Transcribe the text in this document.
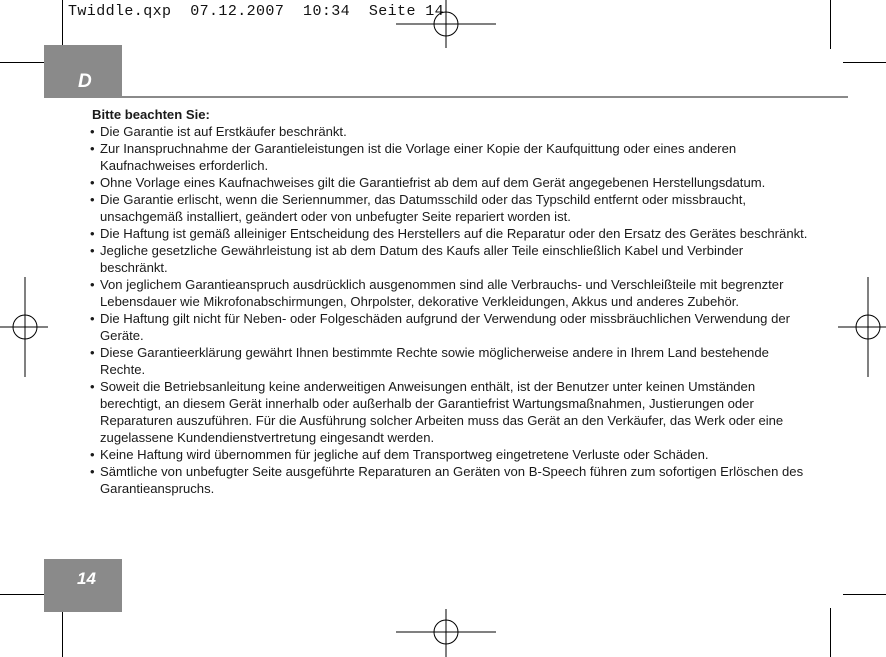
Twiddle.qxp  07.12.2007  10:34  Seite 14
D

Bitte beachten Sie:

• Die Garantie ist auf Erstkäufer beschränkt.
• Zur Inanspruchnahme der Garantieleistungen ist die Vorlage einer Kopie der Kaufquittung oder eines anderen Kaufnachweises erforderlich.
• Ohne Vorlage eines Kaufnachweises gilt die Garantiefrist ab dem auf dem Gerät angegebenen Herstellungsdatum.
• Die Garantie erlischt, wenn die Seriennummer, das Datumsschild oder das Typschild entfernt oder missbraucht, unsachgemäß installiert, geändert oder von unbefugter Seite repariert worden ist.
• Die Haftung ist gemäß alleiniger Entscheidung des Herstellers auf die Reparatur oder den Ersatz des Gerätes beschränkt.
• Jegliche gesetzliche Gewährleistung ist ab dem Datum des Kaufs aller Teile einschließlich Kabel und Verbinder beschränkt.
• Von jeglichem Garantieanspruch ausdrücklich ausgenommen sind alle Verbrauchs- und Verschleißteile mit begrenzter Lebensdauer wie Mikrofonabschirmungen, Ohrpolster, dekorative Verkleidungen, Akkus und anderes Zubehör.
• Die Haftung gilt nicht für Neben- oder Folgeschäden aufgrund der Verwendung oder missbräuchlichen Verwendung der Geräte.
• Diese Garantieerklärung gewährt Ihnen bestimmte Rechte sowie möglicherweise andere in Ihrem Land bestehende Rechte.
• Soweit die Betriebsanleitung keine anderweitigen Anweisungen enthält, ist der Benutzer unter keinen Umständen berechtigt, an diesem Gerät innerhalb oder außerhalb der Garantiefrist Wartungsmaßnahmen, Justierungen oder Reparaturen auszuführen. Für die Ausführung solcher Arbeiten muss das Gerät an den Verkäufer, das Werk oder eine zugelassene Kundendienstvertretung eingesandt werden.
• Keine Haftung wird übernommen für jegliche auf dem Transportweg eingetretene Verluste oder Schäden.
• Sämtliche von unbefugter Seite ausgeführte Reparaturen an Geräten von B-Speech führen zum sofortigen Erlöschen des Garantieanspruchs.
14
